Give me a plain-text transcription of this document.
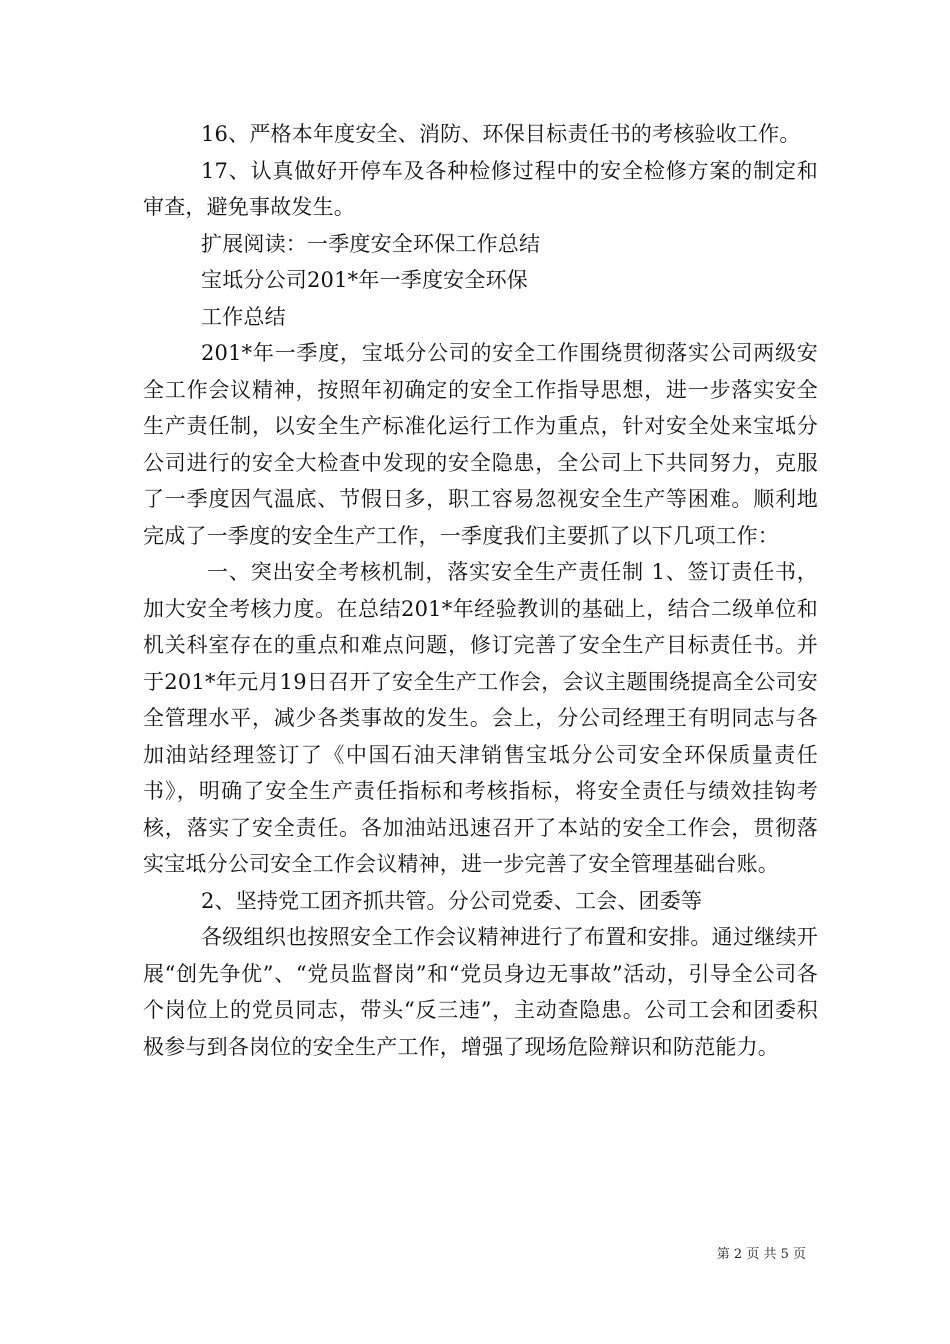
16、严格本年度安全、消防、环保目标责任书的考核验收工作。

17、认真做好开停车及各种检修过程中的安全检修方案的制定和审查，避免事故发生。

扩展阅读：一季度安全环保工作总结

宝坻分公司201*年一季度安全环保

工作总结

201*年一季度，宝坻分公司的安全工作围绕贯彻落实公司两级安全工作会议精神，按照年初确定的安全工作指导思想，进一步落实安全生产责任制，以安全生产标准化运行工作为重点，针对安全处来宝坻分公司进行的安全大检查中发现的安全隐患，全公司上下共同努力，克服了一季度因气温底、节假日多，职工容易忽视安全生产等困难。顺利地完成了一季度的安全生产工作，一季度我们主要抓了以下几项工作：

一、突出安全考核机制，落实安全生产责任制 1、签订责任书，加大安全考核力度。在总结201*年经验教训的基础上，结合二级单位和机关科室存在的重点和难点问题，修订完善了安全生产目标责任书。并于201*年元月19日召开了安全生产工作会，会议主题围绕提高全公司安全管理水平，减少各类事故的发生。会上，分公司经理王有明同志与各加油站经理签订了《中国石油天津销售宝坻分公司安全环保质量责任书》，明确了安全生产责任指标和考核指标，将安全责任与绩效挂钩考核，落实了安全责任。各加油站迅速召开了本站的安全工作会，贯彻落实宝坻分公司安全工作会议精神，进一步完善了安全管理基础台账。

2、坚持党工团齐抓共管。分公司党委、工会、团委等

各级组织也按照安全工作会议精神进行了布置和安排。通过继续开展“创先争优”、“党员监督岗”和“党员身边无事故”活动，引导全公司各个岗位上的党员同志，带头“反三违”，主动查隐患。公司工会和团委积极参与到各岗位的安全生产工作，增强了现场危险辩识和防范能力。

第 2 页 共 5 页
